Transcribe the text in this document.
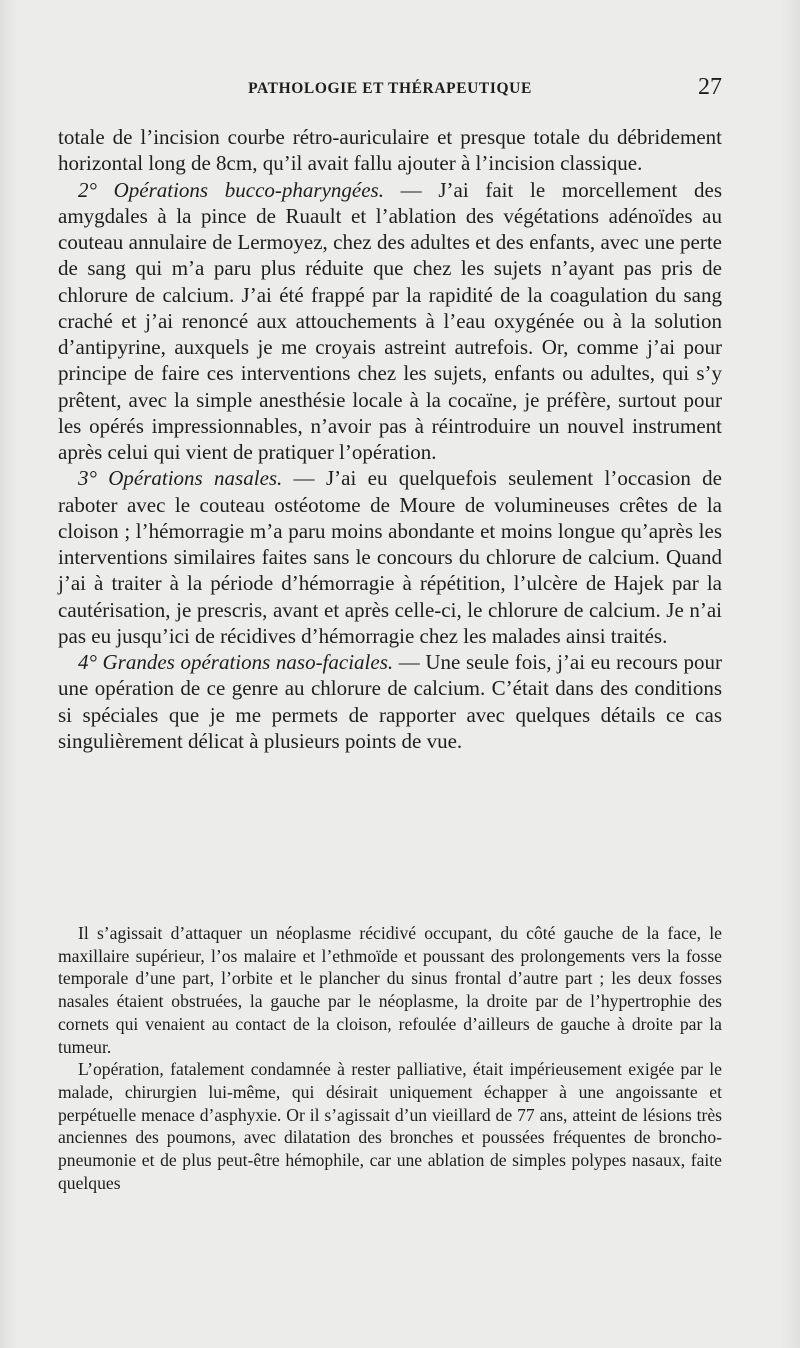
PATHOLOGIE ET THÉRAPEUTIQUE	27

totale de l’incision courbe rétro-auriculaire et presque totale du débridement horizontal long de 8cm, qu’il avait fallu ajouter à l’incision classique.

2° Opérations bucco-pharyngées. — J’ai fait le morcellement des amygdales à la pince de Ruault et l’ablation des végétations adénoïdes au couteau annulaire de Lermoyez, chez des adultes et des enfants, avec une perte de sang qui m’a paru plus réduite que chez les sujets n’ayant pas pris de chlorure de calcium. J’ai été frappé par la rapidité de la coagulation du sang craché et j’ai renoncé aux attouchements à l’eau oxygénée ou à la solution d’antipyrine, auxquels je me croyais astreint autrefois. Or, comme j’ai pour principe de faire ces interventions chez les sujets, enfants ou adultes, qui s’y prêtent, avec la simple anesthésie locale à la cocaïne, je préfère, surtout pour les opérés impressionnables, n’avoir pas à réintroduire un nouvel instrument après celui qui vient de pratiquer l’opération.

3° Opérations nasales. — J’ai eu quelquefois seulement l’occasion de raboter avec le couteau ostéotome de Moure de volumineuses crêtes de la cloison ; l’hémorragie m’a paru moins abondante et moins longue qu’après les interventions similaires faites sans le concours du chlorure de calcium. Quand j’ai à traiter à la période d’hémorragie à répétition, l’ulcère de Hajek par la cautérisation, je prescris, avant et après celle-ci, le chlorure de calcium. Je n’ai pas eu jusqu’ici de récidives d’hémorragie chez les malades ainsi traités.

4° Grandes opérations naso-faciales. — Une seule fois, j’ai eu recours pour une opération de ce genre au chlorure de calcium. C’était dans des conditions si spéciales que je me permets de rapporter avec quelques détails ce cas singulièrement délicat à plusieurs points de vue.

Il s’agissait d’attaquer un néoplasme récidivé occupant, du côté gauche de la face, le maxillaire supérieur, l’os malaire et l’ethmoïde et poussant des prolongements vers la fosse temporale d’une part, l’orbite et le plancher du sinus frontal d’autre part ; les deux fosses nasales étaient obstruées, la gauche par le néoplasme, la droite par de l’hypertrophie des cornets qui venaient au contact de la cloison, refoulée d’ailleurs de gauche à droite par la tumeur.

L’opération, fatalement condamnée à rester palliative, était impérieusement exigée par le malade, chirurgien lui-même, qui désirait uniquement échapper à une angoissante et perpétuelle menace d’asphyxie. Or il s’agissait d’un vieillard de 77 ans, atteint de lésions très anciennes des poumons, avec dilatation des bronches et poussées fréquentes de broncho-pneumonie et de plus peut-être hémophile, car une ablation de simples polypes nasaux, faite quelques
